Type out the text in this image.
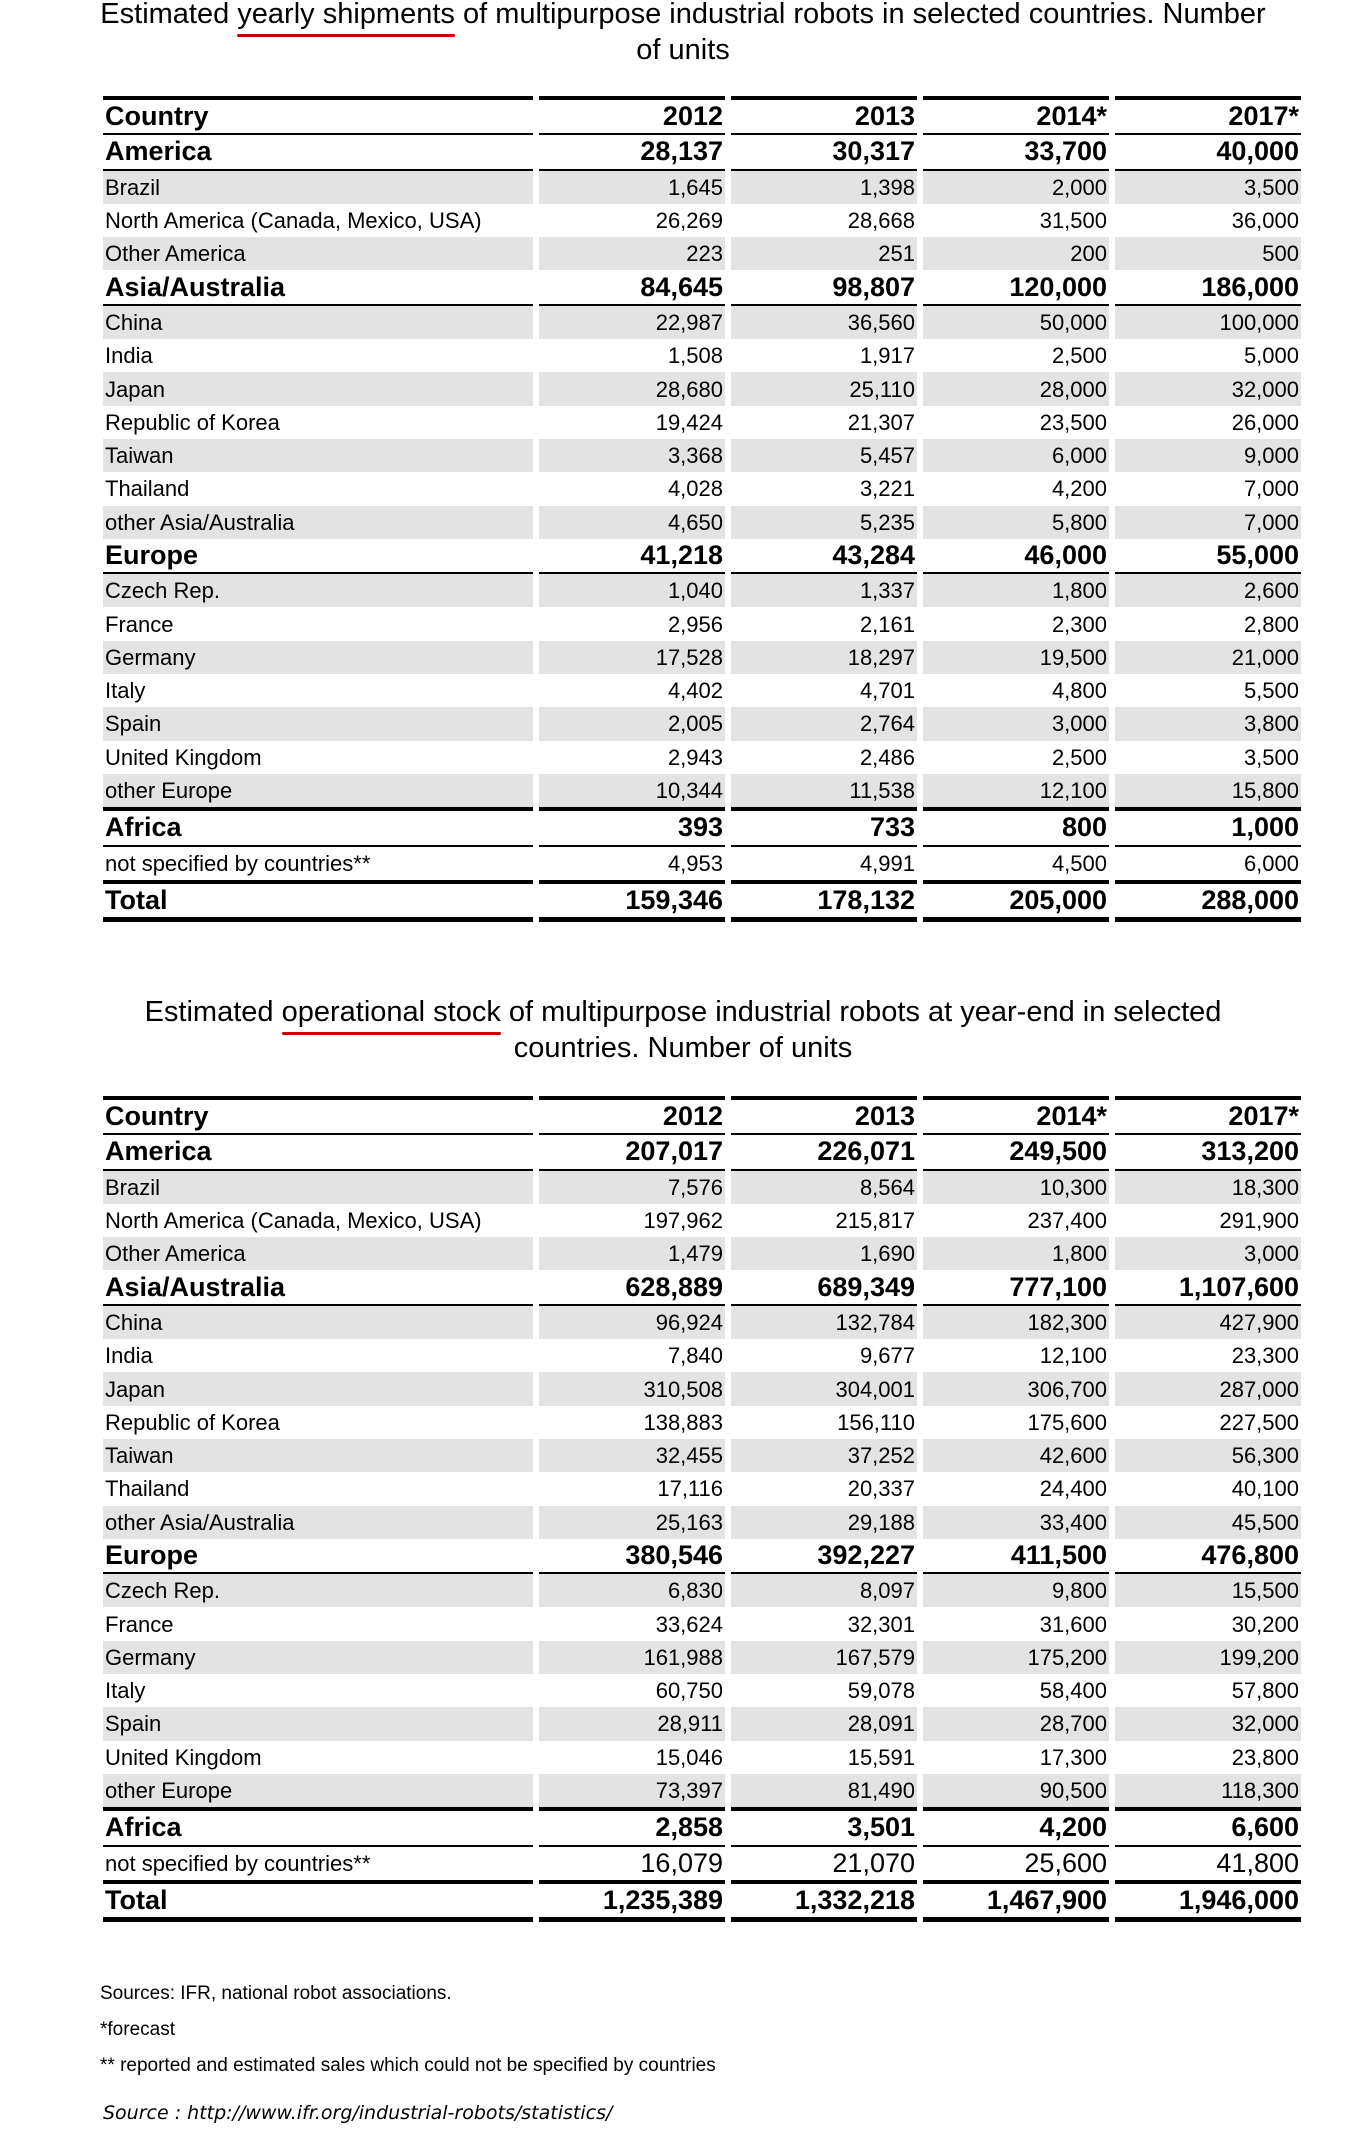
Estimated yearly shipments of multipurpose industrial robots in selected countries. Number of units
Country	2012	2013	2014*	2017*
America	28,137	30,317	33,700	40,000
Brazil	1,645	1,398	2,000	3,500
North America (Canada, Mexico, USA)	26,269	28,668	31,500	36,000
Other America	223	251	200	500
Asia/Australia	84,645	98,807	120,000	186,000
China	22,987	36,560	50,000	100,000
India	1,508	1,917	2,500	5,000
Japan	28,680	25,110	28,000	32,000
Republic of Korea	19,424	21,307	23,500	26,000
Taiwan	3,368	5,457	6,000	9,000
Thailand	4,028	3,221	4,200	7,000
other Asia/Australia	4,650	5,235	5,800	7,000
Europe	41,218	43,284	46,000	55,000
Czech Rep.	1,040	1,337	1,800	2,600
France	2,956	2,161	2,300	2,800
Germany	17,528	18,297	19,500	21,000
Italy	4,402	4,701	4,800	5,500
Spain	2,005	2,764	3,000	3,800
United Kingdom	2,943	2,486	2,500	3,500
other Europe	10,344	11,538	12,100	15,800
Africa	393	733	800	1,000
not specified by countries**	4,953	4,991	4,500	6,000
Total	159,346	178,132	205,000	288,000
Estimated operational stock of multipurpose industrial robots at year-end in selected countries. Number of units
Country	2012	2013	2014*	2017*
America	207,017	226,071	249,500	313,200
Brazil	7,576	8,564	10,300	18,300
North America (Canada, Mexico, USA)	197,962	215,817	237,400	291,900
Other America	1,479	1,690	1,800	3,000
Asia/Australia	628,889	689,349	777,100	1,107,600
China	96,924	132,784	182,300	427,900
India	7,840	9,677	12,100	23,300
Japan	310,508	304,001	306,700	287,000
Republic of Korea	138,883	156,110	175,600	227,500
Taiwan	32,455	37,252	42,600	56,300
Thailand	17,116	20,337	24,400	40,100
other Asia/Australia	25,163	29,188	33,400	45,500
Europe	380,546	392,227	411,500	476,800
Czech Rep.	6,830	8,097	9,800	15,500
France	33,624	32,301	31,600	30,200
Germany	161,988	167,579	175,200	199,200
Italy	60,750	59,078	58,400	57,800
Spain	28,911	28,091	28,700	32,000
United Kingdom	15,046	15,591	17,300	23,800
other Europe	73,397	81,490	90,500	118,300
Africa	2,858	3,501	4,200	6,600
not specified by countries**	16,079	21,070	25,600	41,800
Total	1,235,389	1,332,218	1,467,900	1,946,000
Sources: IFR, national robot associations.
*forecast
** reported and estimated sales which could not be specified by countries
Source : http://www.ifr.org/industrial-robots/statistics/
